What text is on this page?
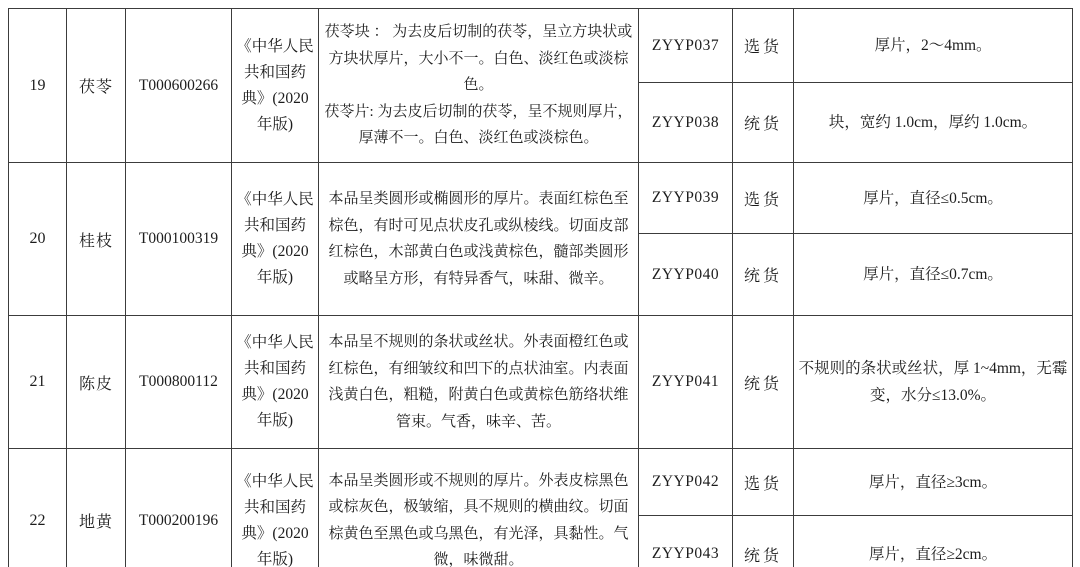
19	茯苓	T000600266	《中华人民共和国药典》(2020 年版)	茯苓块 ： 为去皮后切制的茯苓，呈立方块状或方块状厚片，大小不一。白色、淡红色或淡棕色。
茯苓片: 为去皮后切制的茯苓，呈不规则厚片，厚薄不一。白色、淡红色或淡棕色。	ZYYP037	选货	厚片，2～4mm。
					ZYYP038	统货	块，宽约 1.0cm，厚约 1.0cm。
20	桂枝	T000100319	《中华人民共和国药典》(2020 年版)	本品呈类圆形或椭圆形的厚片。表面红棕色至棕色，有时可见点状皮孔或纵棱线。切面皮部红棕色，木部黄白色或浅黄棕色，髓部类圆形或略呈方形，有特异香气，味甜、微辛。	ZYYP039	选货	厚片，直径≤0.5cm。
					ZYYP040	统货	厚片，直径≤0.7cm。
21	陈皮	T000800112	《中华人民共和国药典》(2020 年版)	本品呈不规则的条状或丝状。外表面橙红色或红棕色，有细皱纹和凹下的点状油室。内表面浅黄白色，粗糙，附黄白色或黄棕色筋络状维管束。气香，味辛、苦。	ZYYP041	统货	不规则的条状或丝状，厚 1~4mm，无霉变，水分≤13.0%。
22	地黄	T000200196	《中华人民共和国药典》(2020 年版)	本品呈类圆形或不规则的厚片。外表皮棕黑色或棕灰色，极皱缩，具不规则的横曲纹。切面棕黄色至黑色或乌黑色，有光泽，具黏性。气微，味微甜。	ZYYP042	选货	厚片，直径≥3cm。
					ZYYP043	统货	厚片，直径≥2cm。
